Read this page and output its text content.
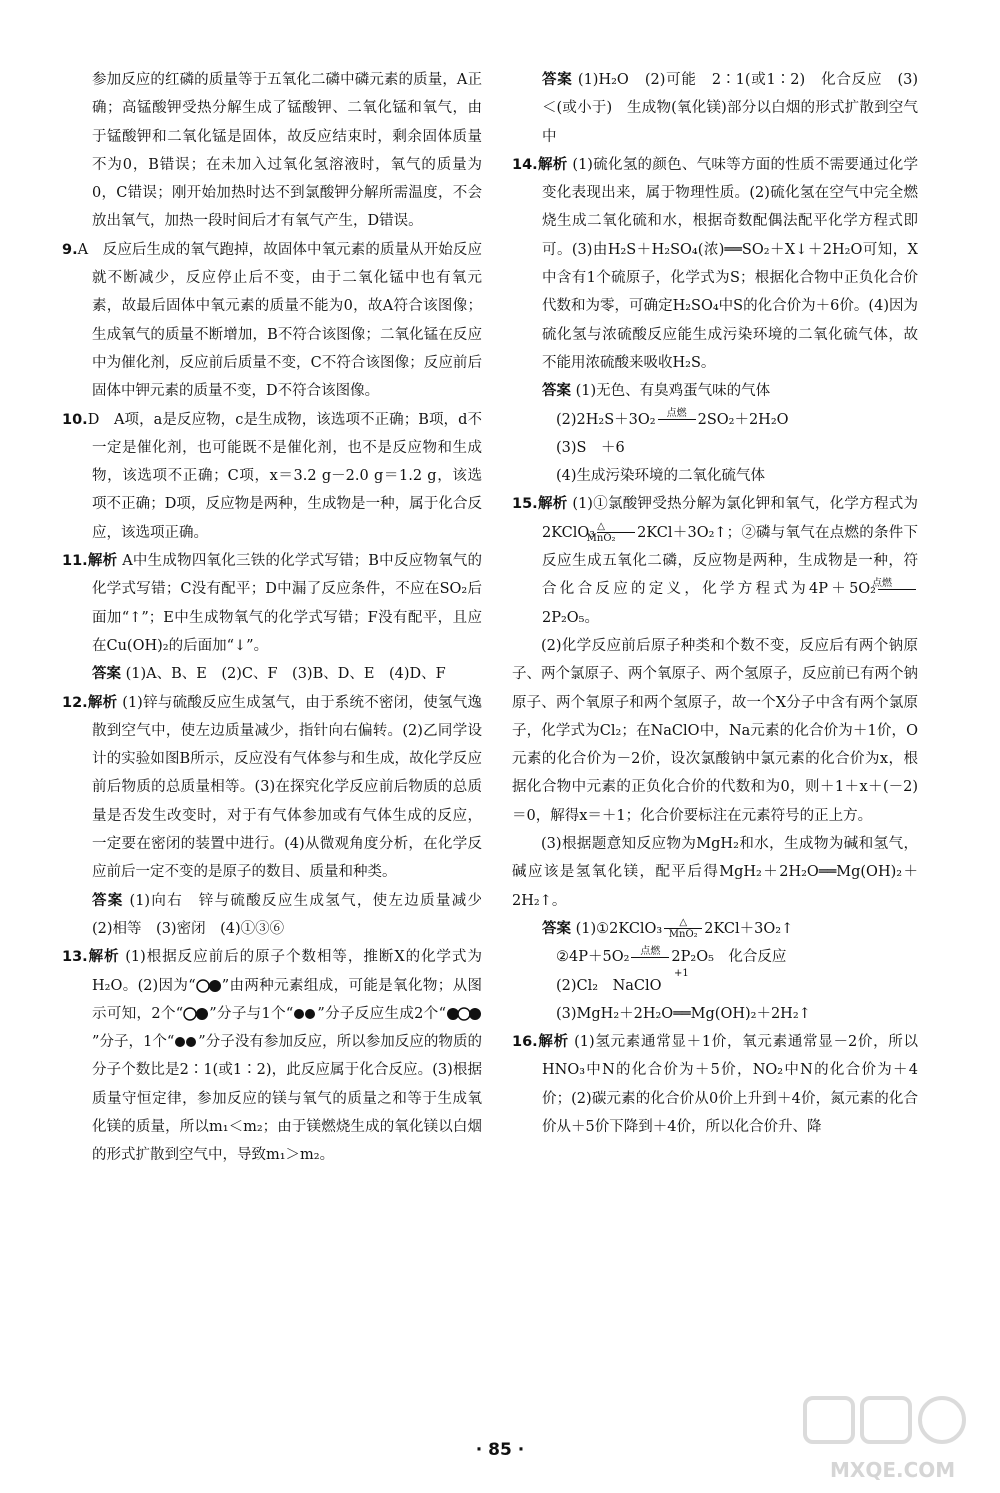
参加反应的红磷的质量等于五氧化二磷中磷元素的质量，A正确；高锰酸钾受热分解生成了锰酸钾、二氧化锰和氧气，由于锰酸钾和二氧化锰是固体，故反应结束时，剩余固体质量不为0，B错误；在未加入过氧化氢溶液时，氧气的质量为0，C错误；刚开始加热时达不到氯酸钾分解所需温度，不会放出氧气，加热一段时间后才有氧气产生，D错误。

9.A　反应后生成的氧气跑掉，故固体中氧元素的质量从开始反应就不断减少，反应停止后不变，由于二氧化锰中也有氧元素，故最后固体中氧元素的质量不能为0，故A符合该图像；生成氧气的质量不断增加，B不符合该图像；二氧化锰在反应中为催化剂，反应前后质量不变，C不符合该图像；反应前后固体中钾元素的质量不变，D不符合该图像。

10.D　A项，a是反应物，c是生成物，该选项不正确；B项，d不一定是催化剂，也可能既不是催化剂，也不是反应物和生成物，该选项不正确；C项，x＝3.2 g－2.0 g＝1.2 g，该选项不正确；D项，反应物是两种，生成物是一种，属于化合反应，该选项正确。

11.解析 A中生成物四氧化三铁的化学式写错；B中反应物氧气的化学式写错；C没有配平；D中漏了反应条件，不应在SO₂后面加“↑”；E中生成物氧气的化学式写错；F没有配平，且应在Cu(OH)₂的后面加“↓”。

答案 (1)A、B、E　(2)C、F　(3)B、D、E　(4)D、F

12.解析 (1)锌与硫酸反应生成氢气，由于系统不密闭，使氢气逸散到空气中，使左边质量减少，指针向右偏转。(2)乙同学设计的实验如图B所示，反应没有气体参与和生成，故化学反应前后物质的总质量相等。(3)在探究化学反应前后物质的总质量是否发生改变时，对于有气体参加或有气体生成的反应，一定要在密闭的装置中进行。(4)从微观角度分析，在化学反应前后一定不变的是原子的数目、质量和种类。

答案 (1)向右　锌与硫酸反应生成氢气，使左边质量减少　(2)相等　(3)密闭　(4)①③⑥

13.解析 (1)根据反应前后的原子个数相等，推断X的化学式为H₂O。(2)因为“ ”由两种元素组成，可能是氧化物；从图示可知，2个“ ”分子与1个“ ”分子反应生成2个“”分子，1个“ ”分子没有参加反应，所以参加反应的物质的分子个数比是2∶1(或1∶2)，此反应属于化合反应。(3)根据质量守恒定律，参加反应的镁与氧气的质量之和等于生成氧化镁的质量，所以m₁＜m₂；由于镁燃烧生成的氧化镁以白烟的形式扩散到空气中，导致m₁＞m₂。

答案 (1)H₂O　(2)可能　2∶1(或1∶2)　化合反应　(3)＜(或小于)　生成物(氧化镁)部分以白烟的形式扩散到空气中

14.解析 (1)硫化氢的颜色、气味等方面的性质不需要通过化学变化表现出来，属于物理性质。(2)硫化氢在空气中完全燃烧生成二氧化硫和水，根据奇数配偶法配平化学方程式即可。(3)由H₂S＋H₂SO₄(浓)══SO₂＋X↓＋2H₂O可知，X中含有1个硫原子，化学式为S；根据化合物中正负化合价代数和为零，可确定H₂SO₄中S的化合价为＋6价。(4)因为硫化氢与浓硫酸反应能生成污染环境的二氧化硫气体，故不能用浓硫酸来吸收H₂S。

答案 (1)无色、有臭鸡蛋气味的气体

(2)2H₂S＋3O₂	点燃
2SO₂＋2H₂O

(3)S　＋6

(4)生成污染环境的二氧化硫气体

15.解析 (1)①氯酸钾受热分解为氯化钾和氧气，化学方程式为2KClO₃ $\frac{\triangle}{\text{MnO₂}}$ 2KCl＋3O₂↑；②磷与氧气在点燃的条件下反应生成五氧化二磷，反应物是两种，生成物是一种，符合化合反应的定义，化学方程式为4P＋5O₂
点燃

2P₂O₅。

(2)化学反应前后原子种类和个数不变，反应后有两个钠原子、两个氯原子、两个氧原子、两个氢原子，反应前已有两个钠原子、两个氧原子和两个氢原子，故一个X分子中含有两个氯原子，化学式为Cl₂；在NaClO中，Na元素的化合价为＋1价，O元素的化合价为－2价，设次氯酸钠中氯元素的化合价为x，根据化合物中元素的正负化合价的代数和为0，则＋1＋x＋(－2)＝0，解得x＝＋1；化合价要标注在元素符号的正上方。

(3)根据题意知反应物为MgH₂和水，生成物为碱和氢气，碱应该是氢氧化镁，配平后得MgH₂＋2H₂O══Mg(OH)₂＋2H₂↑。

答案 (1)①2KClO₃ $\frac{\triangle}{\text{MnO₂}}$ 2KCl＋3O₂↑

②4P＋5O₂	点燃
2P₂O₅　化合反应

+1
(2)Cl₂　NaClO

(3)MgH₂＋2H₂O══Mg(OH)₂＋2H₂↑

16.解析 (1)氢元素通常显＋1价，氧元素通常显－2价，所以HNO₃中N的化合价为＋5价，NO₂中N的化合价为＋4价；(2)碳元素的化合价从0价上升到＋4价，氮元素的化合价从＋5价下降到＋4价，所以化合价升、降

· 85 ·
MXQE.COM
